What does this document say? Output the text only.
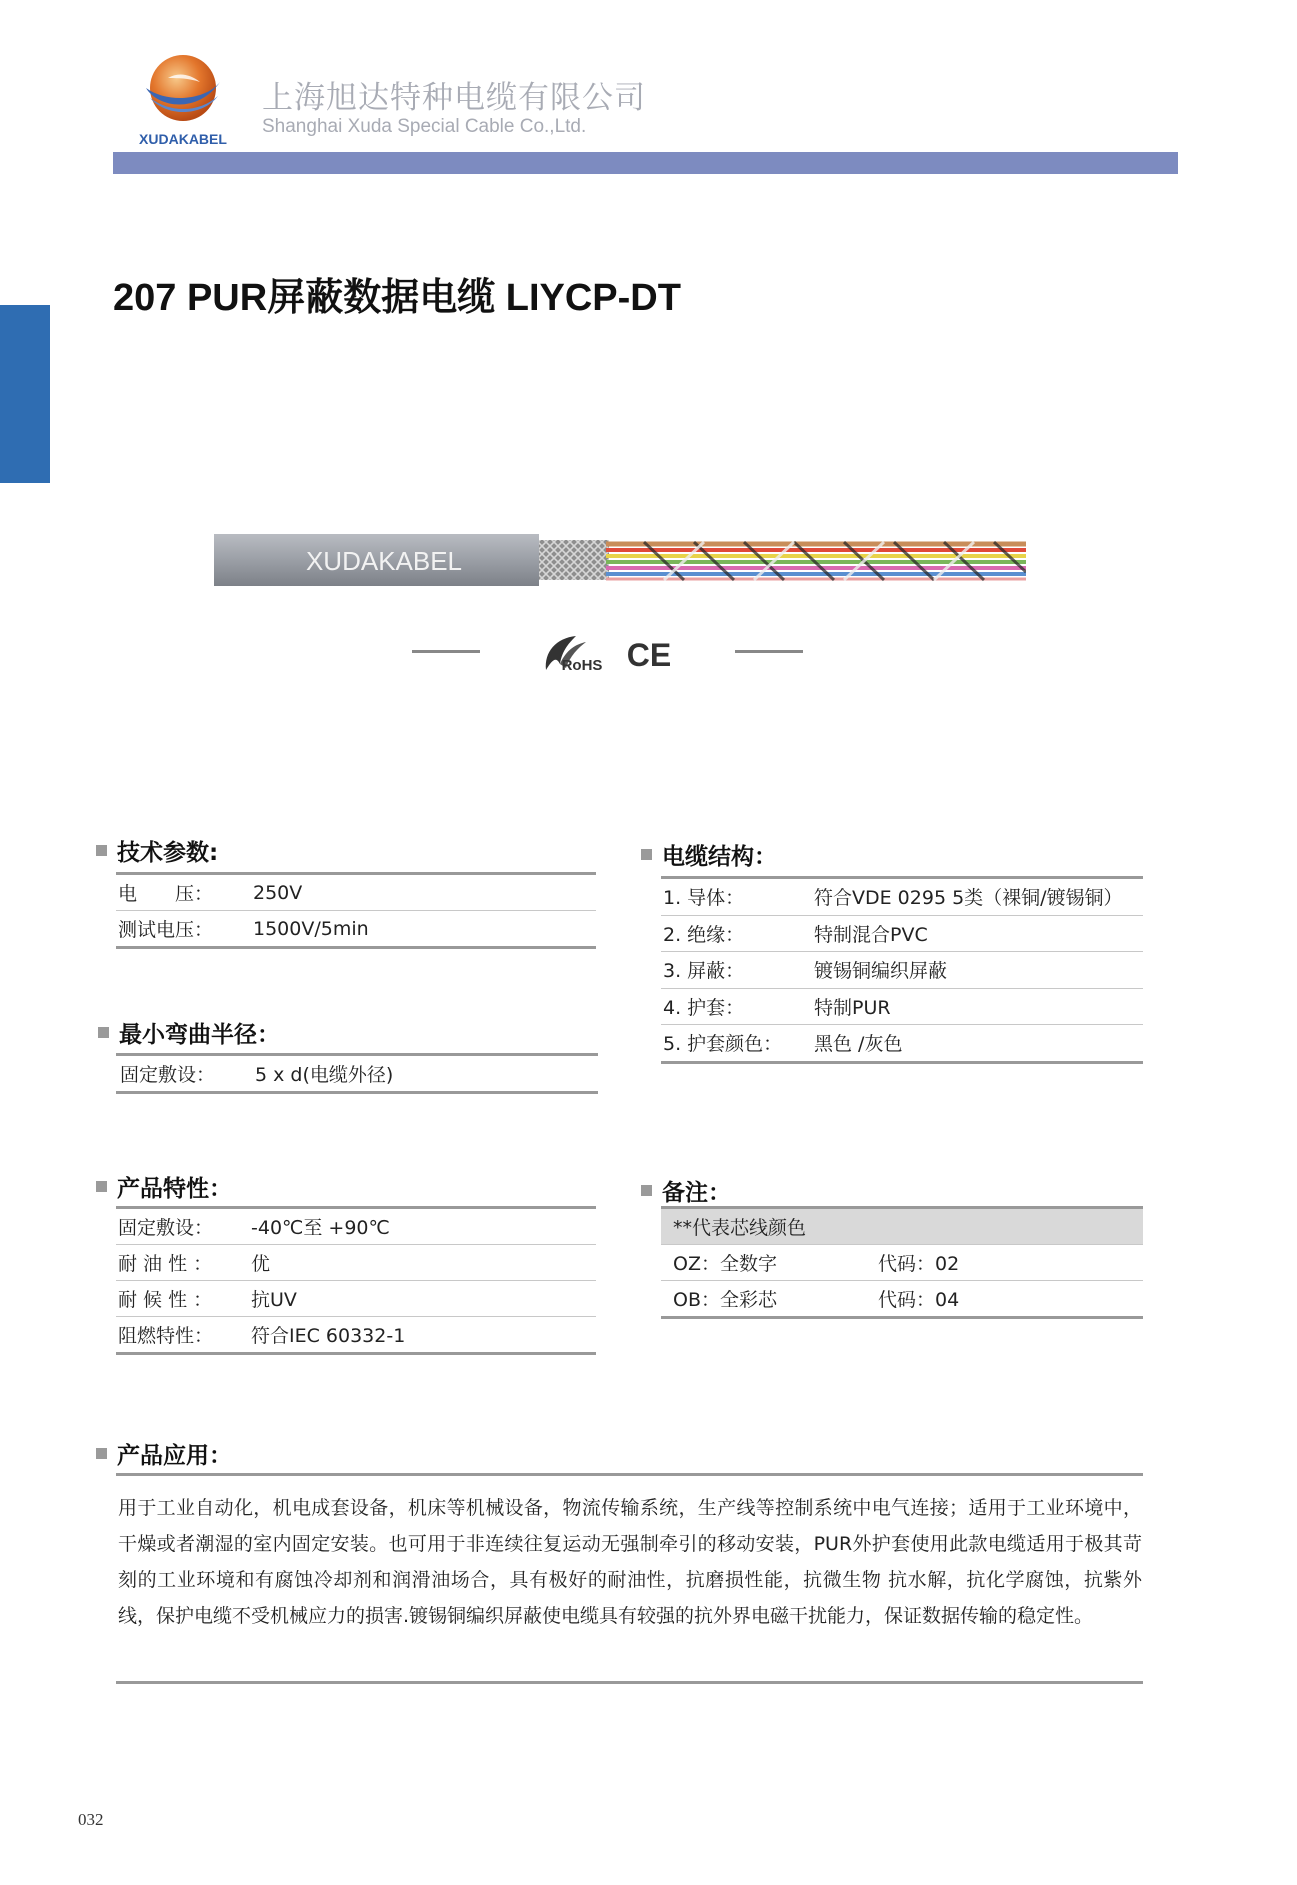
XUDAKABEL
上海旭达特种电缆有限公司
Shanghai Xuda Special Cable Co.,Ltd.
207 PUR屏蔽数据电缆 LIYCP-DT
XUDAKABEL
RoHS CE
技术参数:
电　　压：	250V
测试电压：	1500V/5min
最小弯曲半径：
固定敷设：	5 x d(电缆外径)
产品特性：
固定敷设：	-40℃至 +90℃
耐 油 性 ：	优
耐 候 性 ：	抗UV
阻燃特性：	符合IEC 60332-1
电缆结构：
1. 导体：	符合VDE 0295 5类（裸铜/镀锡铜）
2. 绝缘：	特制混合PVC
3. 屏蔽：	镀锡铜编织屏蔽
4. 护套：	特制PUR
5. 护套颜色：	黑色 /灰色
备注：
**代表芯线颜色
OZ：全数字	代码：02
OB：全彩芯	代码：04
产品应用：
用于工业自动化，机电成套设备，机床等机械设备，物流传输系统，生产线等控制系统中电气连接；适用于工业环境中，干燥或者潮湿的室内固定安装。也可用于非连续往复运动无强制牵引的移动安装，PUR外护套使用此款电缆适用于极其苛刻的工业环境和有腐蚀冷却剂和润滑油场合，具有极好的耐油性，抗磨损性能，抗微生物 抗水解，抗化学腐蚀，抗紫外线，保护电缆不受机械应力的损害.镀锡铜编织屏蔽使电缆具有较强的抗外界电磁干扰能力，保证数据传输的稳定性。
032
